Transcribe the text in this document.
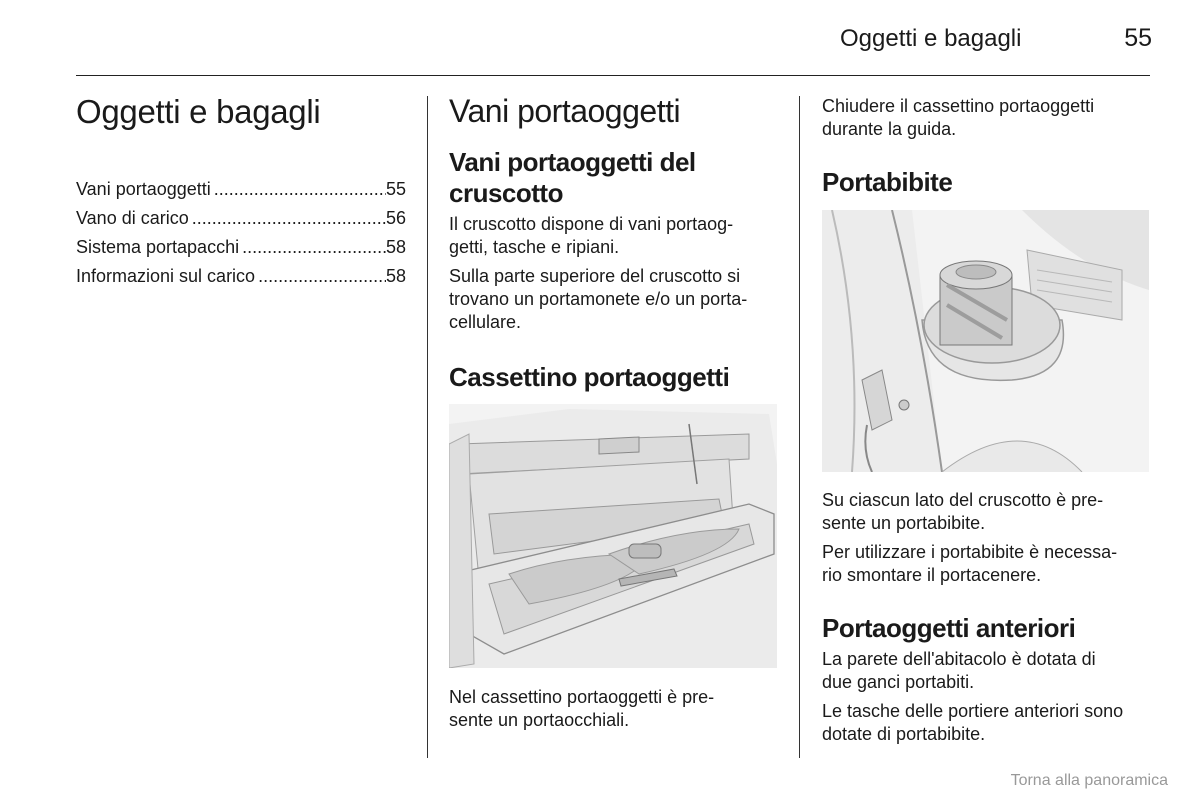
Oggetti e bagagli	55
Oggetti e bagagli
Vani portaoggetti .....	55
Vano di carico .....	56
Sistema portapacchi .....	58
Informazioni sul carico .....	58
Vani portaoggetti
Vani portaoggetti del
cruscotto

Il cruscotto dispone di vani portaog-

getti, tasche e ripiani.

Sulla parte superiore del cruscotto si

trovano un portamonete e/o un porta-

cellulare.

Cassettino portaoggetti

Nel cassettino portaoggetti è pre-

sente un portaocchiali.

Chiudere il cassettino portaoggetti

durante la guida.

Portabibite

Su ciascun lato del cruscotto è pre-

sente un portabibite.

Per utilizzare i portabibite è necessa-

rio smontare il portacenere.

Portaoggetti anteriori

La parete dell'abitacolo è dotata di

due ganci portabiti.

Le tasche delle portiere anteriori sono

dotate di portabibite.

Torna alla panoramica
